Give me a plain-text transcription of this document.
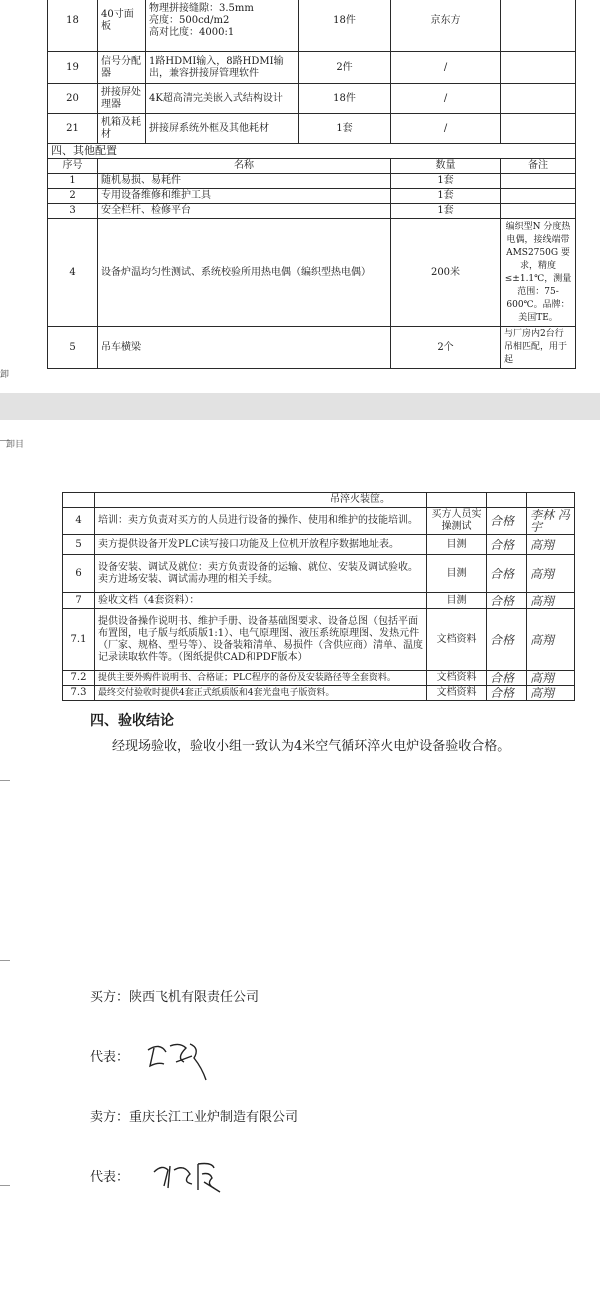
18	40寸面板	物理拼接缝隙：3.5mm
亮度：500cd/m2
高对比度：4000:1	18件	京东方	
19	信号分配器	1路HDMI输入，8路HDMI输出，兼容拼接屏管理软件	2件	/	
20	拼接屏处理器	4K超高清完美嵌入式结构设计	18件	/	
21	机箱及耗材	拼接屏系统外框及其他耗材	1套	/	
四、其他配置					
序号	名称			数量	备注
1	随机易损、易耗件			1套	
2	专用设备维修和维护工具			1套	
3	安全栏杆、检修平台			1套	
4	设备炉温均匀性测试、系统校验所用热电偶（编织型热电偶）			200米	编织型N 分度热电偶，接线端带AMS2750G 要求，精度≤±1.1℃，测量范围：75-600℃。品牌：美国TE。
5	吊车横梁			2个	与厂房内2台行吊相匹配，用于起
卸
卸目
	吊淬火装筐。			
4	培训：卖方负责对买方的人员进行设备的操作、使用和维护的技能培训。	买方人员实操测试	合格	李林 冯宇
5	卖方提供设备开发PLC读写接口功能及上位机开放程序数据地址表。	目测	合格	高翔
6	设备安装、调试及就位：卖方负责设备的运输、就位、安装及调试验收。卖方进场安装、调试需办理的相关手续。	目测	合格	高翔
7	验收文档（4套资料）：	目测	合格	高翔
7.1	提供设备操作说明书、维护手册、设备基础图要求、设备总图（包括平面布置图，电子版与纸质版1:1）、电气原理图、液压系统原理图、发热元件（厂家、规格、型号等）、设备装箱清单、易损件（含供应商）清单、温度记录读取软件等。（图纸提供CAD和PDF版本）	文档资料	合格	高翔
7.2	提供主要外购件说明书、合格证；PLC程序的备份及安装路径等全套资料。	文档资料	合格	高翔
7.3	最终交付验收时提供4套正式纸质版和4套光盘电子版资料。	文档资料	合格	高翔
四、验收结论
经现场验收，验收小组一致认为4米空气循环淬火电炉设备验收合格。
买方：陕西飞机有限责任公司
代表：
卖方：重庆长江工业炉制造有限公司
代表：
